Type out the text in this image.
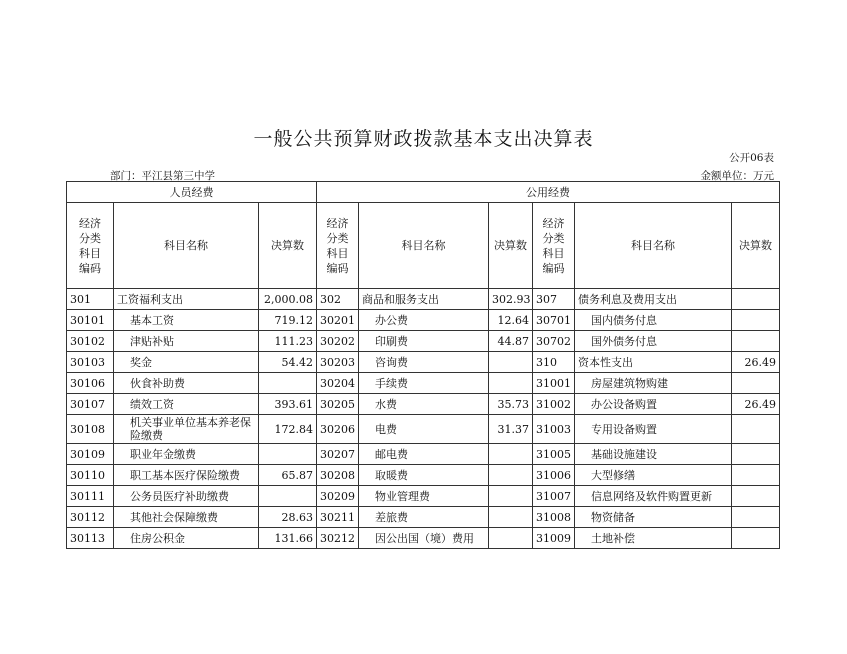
一般公共预算财政拨款基本支出决算表
公开06表
部门：平江县第三中学	金额单位：万元
人员经费			公用经费					
经济分类科目编码	科目名称	决算数	经济分类科目编码	科目名称	决算数	经济分类科目编码	科目名称	决算数
301	工资福利支出	2,000.08	302	商品和服务支出	302.93	307	债务利息及费用支出	
30101	基本工资	719.12	30201	办公费	12.64	30701	国内债务付息	
30102	津贴补贴	111.23	30202	印刷费	44.87	30702	国外债务付息	
30103	奖金	54.42	30203	咨询费		310	资本性支出	26.49
30106	伙食补助费		30204	手续费		31001	房屋建筑物购建	
30107	绩效工资	393.61	30205	水费	35.73	31002	办公设备购置	26.49
30108	机关事业单位基本养老保险缴费	172.84	30206	电费	31.37	31003	专用设备购置	
30109	职业年金缴费		30207	邮电费		31005	基础设施建设	
30110	职工基本医疗保险缴费	65.87	30208	取暖费		31006	大型修缮	
30111	公务员医疗补助缴费		30209	物业管理费		31007	信息网络及软件购置更新	
30112	其他社会保障缴费	28.63	30211	差旅费		31008	物资储备	
30113	住房公积金	131.66	30212	因公出国（境）费用		31009	土地补偿	
